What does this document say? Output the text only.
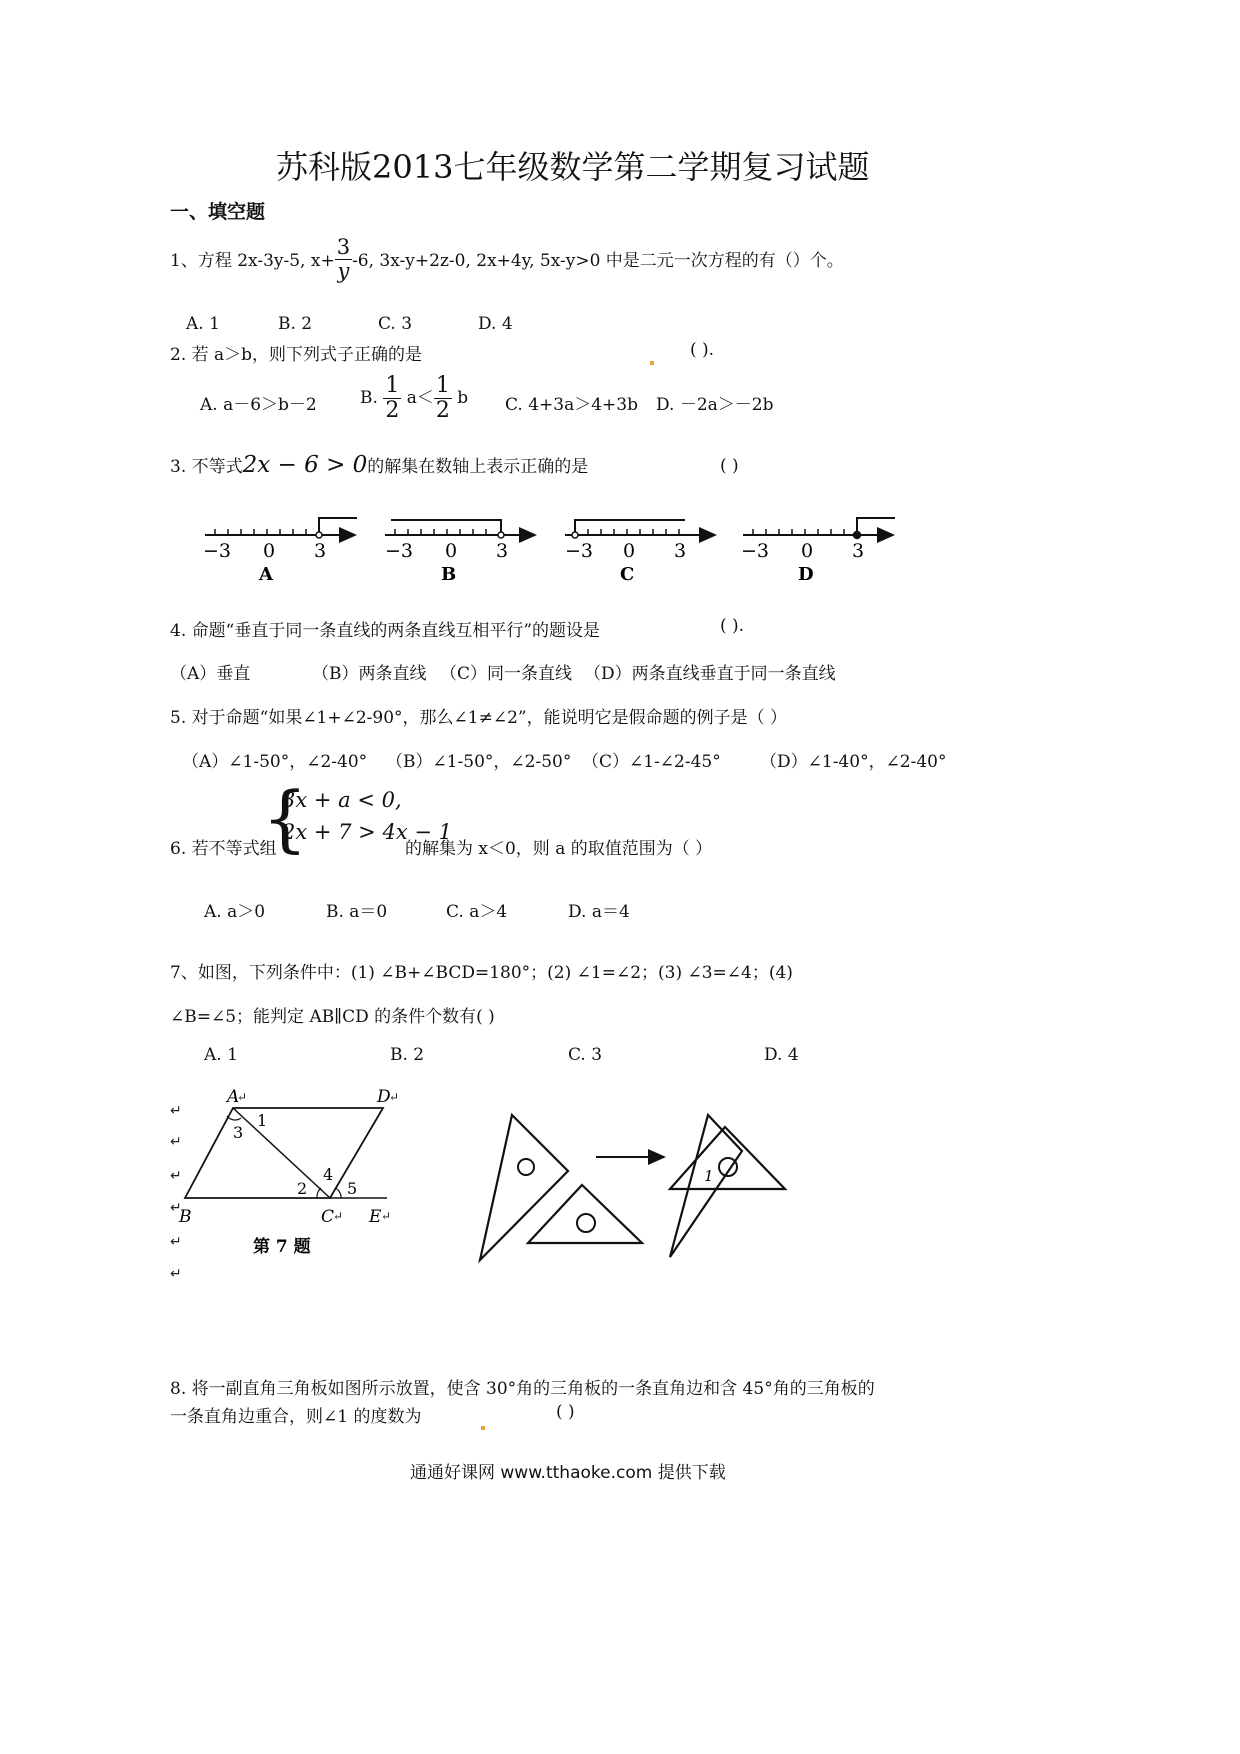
苏科版2013七年级数学第二学期复习试题
一、填空题
1、方程 2x-3y-5, $x+ \frac{3}{y} -6$, 3x-y+2z-0, 2x+4y, 5x-y>0 中是二元一次方程的有（）个。
A. 1	B. 2	C. 3	D. 4
2. 若 a＞b，则下列式子正确的是	( ).
A. a－6＞b－2	B. $\frac{1}{2} a< \frac{1}{2}$ b C. 4+3a＞4+3b D. －2a＞－2b
3. 不等式2x − 6 > 0的解集在数轴上表示正确的是	( )
−3 0 3
A
−3 0 3
B
−3 0 3
C
−3 0 3
D
4. 命题“垂直于同一条直线的两条直线互相平行”的题设是	( ).
（A）垂直	（B）两条直线 （C）同一条直线 （D）两条直线垂直于同一条直线
5. 对于命题“如果∠1+∠2-90°，那么∠1≠∠2”，能说明它是假命题的例子是（ ）
（A）∠1-50°，∠2-40° （B）∠1-50°，∠2-50° （C）∠1-∠2-45° （D）∠1-40°，∠2-40°
6. 若不等式组
{
3x + a < 0,
2x + 7 > 4x − 1
的解集为 x＜0，则 a 的取值范围为（ ）
A. a＞0	B. a＝0	C. a＞4	D. a＝4
7、如图，下列条件中：(1) ∠B+∠BCD=180°；(2) ∠1=∠2；(3) ∠3=∠4；(4)
∠B=∠5；能判定 AB∥CD 的条件个数有( )
A. 1	B. 2	C. 3	D. 4
↵
↵
↵
↵
↵
↵
A
↵	D
↵
1
3
4
2 5
B	C
↵ E ↵
第 7 题
1
8. 将一副直角三角板如图所示放置，使含 30°角的三角板的一条直角边和含 45°角的三角板的
一条直角边重合，则∠1 的度数为	( )
通通好课网 www.tthaoke.com 提供下载
